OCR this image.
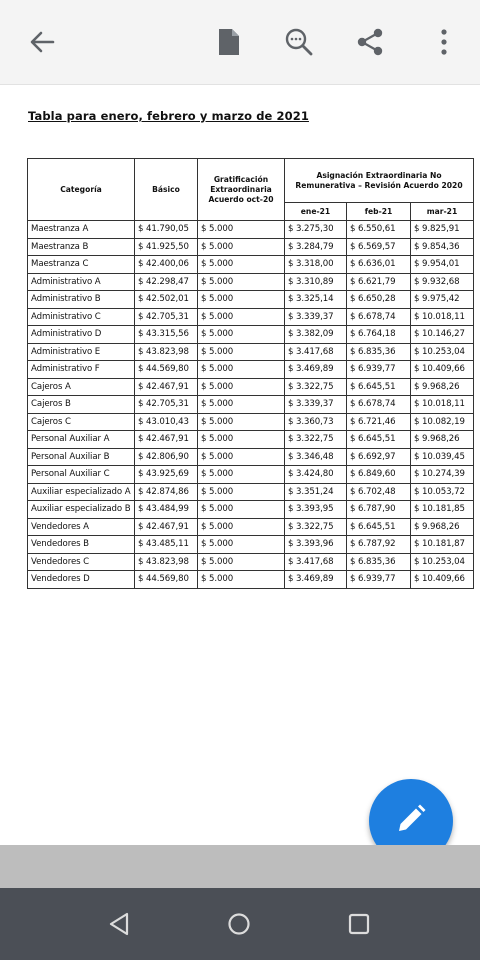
Tabla para enero, febrero y marzo de 2021
Categoría	Básico	Gratificación Extraordinaria Acuerdo oct-20	Asignación Extraordinaria No Remunerativa – Revisión Acuerdo 2020		
			ene-21	feb-21	mar-21
Maestranza A	$ 41.790,05	$ 5.000	$ 3.275,30	$ 6.550,61	$ 9.825,91
Maestranza B	$ 41.925,50	$ 5.000	$ 3.284,79	$ 6.569,57	$ 9.854,36
Maestranza C	$ 42.400,06	$ 5.000	$ 3.318,00	$ 6.636,01	$ 9.954,01
Administrativo A	$ 42.298,47	$ 5.000	$ 3.310,89	$ 6.621,79	$ 9.932,68
Administrativo B	$ 42.502,01	$ 5.000	$ 3.325,14	$ 6.650,28	$ 9.975,42
Administrativo C	$ 42.705,31	$ 5.000	$ 3.339,37	$ 6.678,74	$ 10.018,11
Administrativo D	$ 43.315,56	$ 5.000	$ 3.382,09	$ 6.764,18	$ 10.146,27
Administrativo E	$ 43.823,98	$ 5.000	$ 3.417,68	$ 6.835,36	$ 10.253,04
Administrativo F	$ 44.569,80	$ 5.000	$ 3.469,89	$ 6.939,77	$ 10.409,66
Cajeros A	$ 42.467,91	$ 5.000	$ 3.322,75	$ 6.645,51	$ 9.968,26
Cajeros B	$ 42.705,31	$ 5.000	$ 3.339,37	$ 6.678,74	$ 10.018,11
Cajeros C	$ 43.010,43	$ 5.000	$ 3.360,73	$ 6.721,46	$ 10.082,19
Personal Auxiliar A	$ 42.467,91	$ 5.000	$ 3.322,75	$ 6.645,51	$ 9.968,26
Personal Auxiliar B	$ 42.806,90	$ 5.000	$ 3.346,48	$ 6.692,97	$ 10.039,45
Personal Auxiliar C	$ 43.925,69	$ 5.000	$ 3.424,80	$ 6.849,60	$ 10.274,39
Auxiliar especializado A	$ 42.874,86	$ 5.000	$ 3.351,24	$ 6.702,48	$ 10.053,72
Auxiliar especializado B	$ 43.484,99	$ 5.000	$ 3.393,95	$ 6.787,90	$ 10.181,85
Vendedores A	$ 42.467,91	$ 5.000	$ 3.322,75	$ 6.645,51	$ 9.968,26
Vendedores B	$ 43.485,11	$ 5.000	$ 3.393,96	$ 6.787,92	$ 10.181,87
Vendedores C	$ 43.823,98	$ 5.000	$ 3.417,68	$ 6.835,36	$ 10.253,04
Vendedores D	$ 44.569,80	$ 5.000	$ 3.469,89	$ 6.939,77	$ 10.409,66
